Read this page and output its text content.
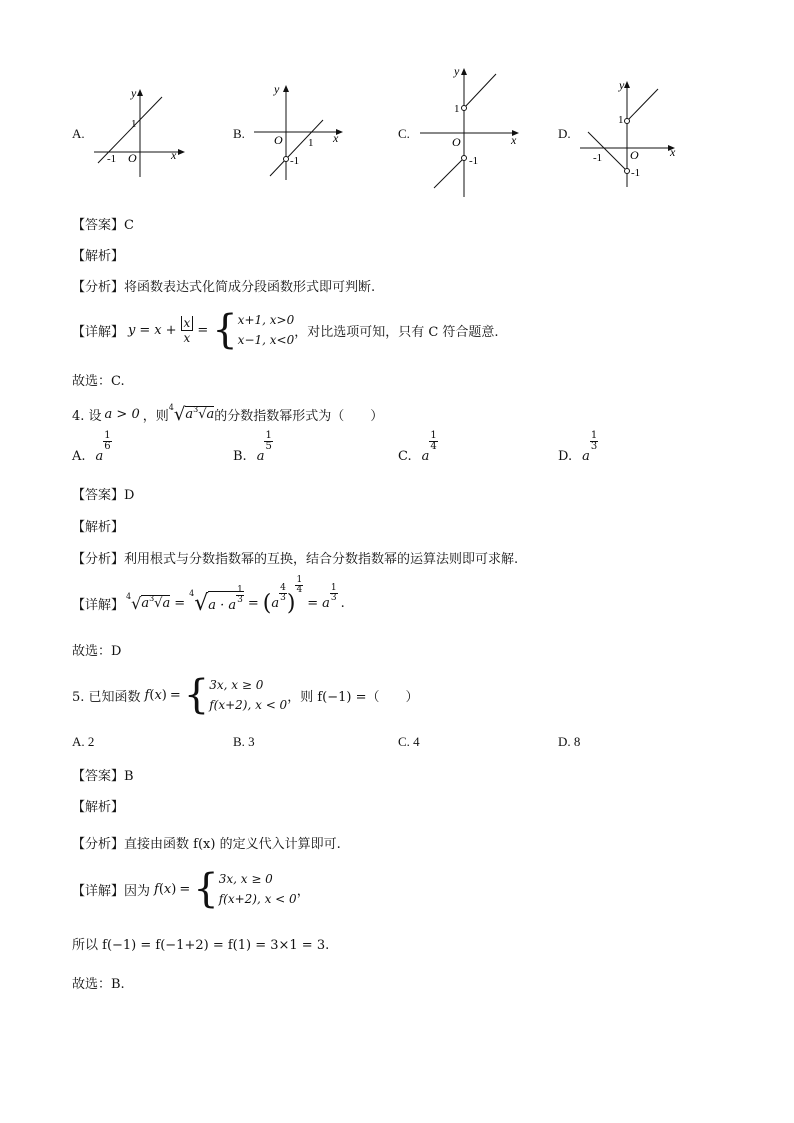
A.
x
y
O
1
-1
B.	x
y
O 1
-1
C.	x
y
O
1
-1
D.
x
y
O
1
-1
-1
【答案】C
【解析】
【分析】将函数表达式化简成分段函数形式即可判断.
【详解】 $y = x + \frac{x}{x}$ = { x+1, x>0
x−1, x<0
，对比选项可知，只有 C 符合题意.
故选：C.
4. 设 a > 0 ，则
4 √ $a^3√a$ 的分数指数幂形式为（　　）
A. a
$\frac{1}{6}$
B. a
$\frac{1}{5}$
C. a
$\frac{1}{4}$
D. a
$\frac{1}{3}$
【答案】D
【解析】
【分析】利用根式与分数指数幂的互换，结合分数指数幂的运算法则即可求解.
【详解】
4 √ $a^3√a$ =
4 √ a · a
$\frac{1}{3}$ = ( a
$\frac{4}{3}$ )
$\frac{1}{4}$
= a
$\frac{1}{3}$
.
故选：D
5. 已知函数 f ( x ) = { 3x, x ≥ 0
f(x+2), x < 0
，则 f(−1) =（　　）
A. 2	B. 3	C. 4	D. 8
【答案】B
【解析】
【分析】直接由函数 f(x) 的定义代入计算即可.
【详解】 因为 f ( x ) = { 3x, x ≥ 0
f(x+2), x < 0
，
所以 f(−1) = f(−1+2) = f(1) = 3×1 = 3.
故选：B.
